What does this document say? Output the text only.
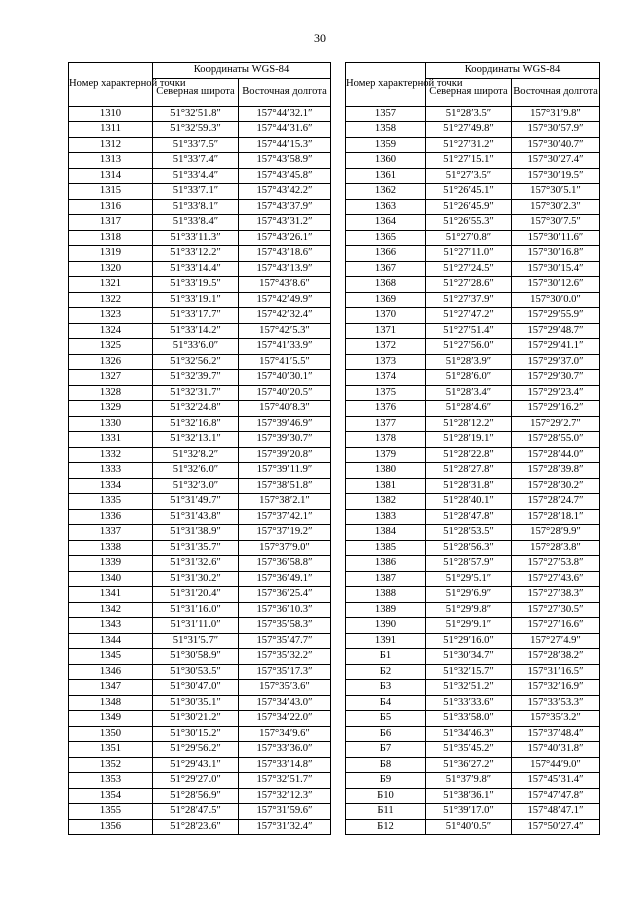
30
Номер характерной точки	Координаты WGS-84	
	Северная широта	Восточная долгота
1310	51°32′51.8″	157°44′32.1″
1311	51°32′59.3″	157°44′31.6″
1312	51°33′7.5″	157°44′15.3″
1313	51°33′7.4″	157°43′58.9″
1314	51°33′4.4″	157°43′45.8″
1315	51°33′7.1″	157°43′42.2″
1316	51°33′8.1″	157°43′37.9″
1317	51°33′8.4″	157°43′31.2″
1318	51°33′11.3″	157°43′26.1″
1319	51°33′12.2″	157°43′18.6″
1320	51°33′14.4″	157°43′13.9″
1321	51°33′19.5″	157°43′8.6″
1322	51°33′19.1″	157°42′49.9″
1323	51°33′17.7″	157°42′32.4″
1324	51°33′14.2″	157°42′5.3″
1325	51°33′6.0″	157°41′33.9″
1326	51°32′56.2″	157°41′5.5″
1327	51°32′39.7″	157°40′30.1″
1328	51°32′31.7″	157°40′20.5″
1329	51°32′24.8″	157°40′8.3″
1330	51°32′16.8″	157°39′46.9″
1331	51°32′13.1″	157°39′30.7″
1332	51°32′8.2″	157°39′20.8″
1333	51°32′6.0″	157°39′11.9″
1334	51°32′3.0″	157°38′51.8″
1335	51°31′49.7″	157°38′2.1″
1336	51°31′43.8″	157°37′42.1″
1337	51°31′38.9″	157°37′19.2″
1338	51°31′35.7″	157°37′9.0″
1339	51°31′32.6″	157°36′58.8″
1340	51°31′30.2″	157°36′49.1″
1341	51°31′20.4″	157°36′25.4″
1342	51°31′16.0″	157°36′10.3″
1343	51°31′11.0″	157°35′58.3″
1344	51°31′5.7″	157°35′47.7″
1345	51°30′58.9″	157°35′32.2″
1346	51°30′53.5″	157°35′17.3″
1347	51°30′47.0″	157°35′3.6″
1348	51°30′35.1″	157°34′43.0″
1349	51°30′21.2″	157°34′22.0″
1350	51°30′15.2″	157°34′9.6″
1351	51°29′56.2″	157°33′36.0″
1352	51°29′43.1″	157°33′14.8″
1353	51°29′27.0″	157°32′51.7″
1354	51°28′56.9″	157°32′12.3″
1355	51°28′47.5″	157°31′59.6″
1356	51°28′23.6″	157°31′32.4″
Номер характерной точки	Координаты WGS-84	
	Северная широта	Восточная долгота
1357	51°28′3.5″	157°31′9.8″
1358	51°27′49.8″	157°30′57.9″
1359	51°27′31.2″	157°30′40.7″
1360	51°27′15.1″	157°30′27.4″
1361	51°27′3.5″	157°30′19.5″
1362	51°26′45.1″	157°30′5.1″
1363	51°26′45.9″	157°30′2.3″
1364	51°26′55.3″	157°30′7.5″
1365	51°27′0.8″	157°30′11.6″
1366	51°27′11.0″	157°30′16.8″
1367	51°27′24.5″	157°30′15.4″
1368	51°27′28.6″	157°30′12.6″
1369	51°27′37.9″	157°30′0.0″
1370	51°27′47.2″	157°29′55.9″
1371	51°27′51.4″	157°29′48.7″
1372	51°27′56.0″	157°29′41.1″
1373	51°28′3.9″	157°29′37.0″
1374	51°28′6.0″	157°29′30.7″
1375	51°28′3.4″	157°29′23.4″
1376	51°28′4.6″	157°29′16.2″
1377	51°28′12.2″	157°29′2.7″
1378	51°28′19.1″	157°28′55.0″
1379	51°28′22.8″	157°28′44.0″
1380	51°28′27.8″	157°28′39.8″
1381	51°28′31.8″	157°28′30.2″
1382	51°28′40.1″	157°28′24.7″
1383	51°28′47.8″	157°28′18.1″
1384	51°28′53.5″	157°28′9.9″
1385	51°28′56.3″	157°28′3.8″
1386	51°28′57.9″	157°27′53.8″
1387	51°29′5.1″	157°27′43.6″
1388	51°29′6.9″	157°27′38.3″
1389	51°29′9.8″	157°27′30.5″
1390	51°29′9.1″	157°27′16.6″
1391	51°29′16.0″	157°27′4.9″
Б1	51°30′34.7″	157°28′38.2″
Б2	51°32′15.7″	157°31′16.5″
Б3	51°32′51.2″	157°32′16.9″
Б4	51°33′33.6″	157°33′53.3″
Б5	51°33′58.0″	157°35′3.2″
Б6	51°34′46.3″	157°37′48.4″
Б7	51°35′45.2″	157°40′31.8″
Б8	51°36′27.2″	157°44′9.0″
Б9	51°37′9.8″	157°45′31.4″
Б10	51°38′36.1″	157°47′47.8″
Б11	51°39′17.0″	157°48′47.1″
Б12	51°40′0.5″	157°50′27.4″
